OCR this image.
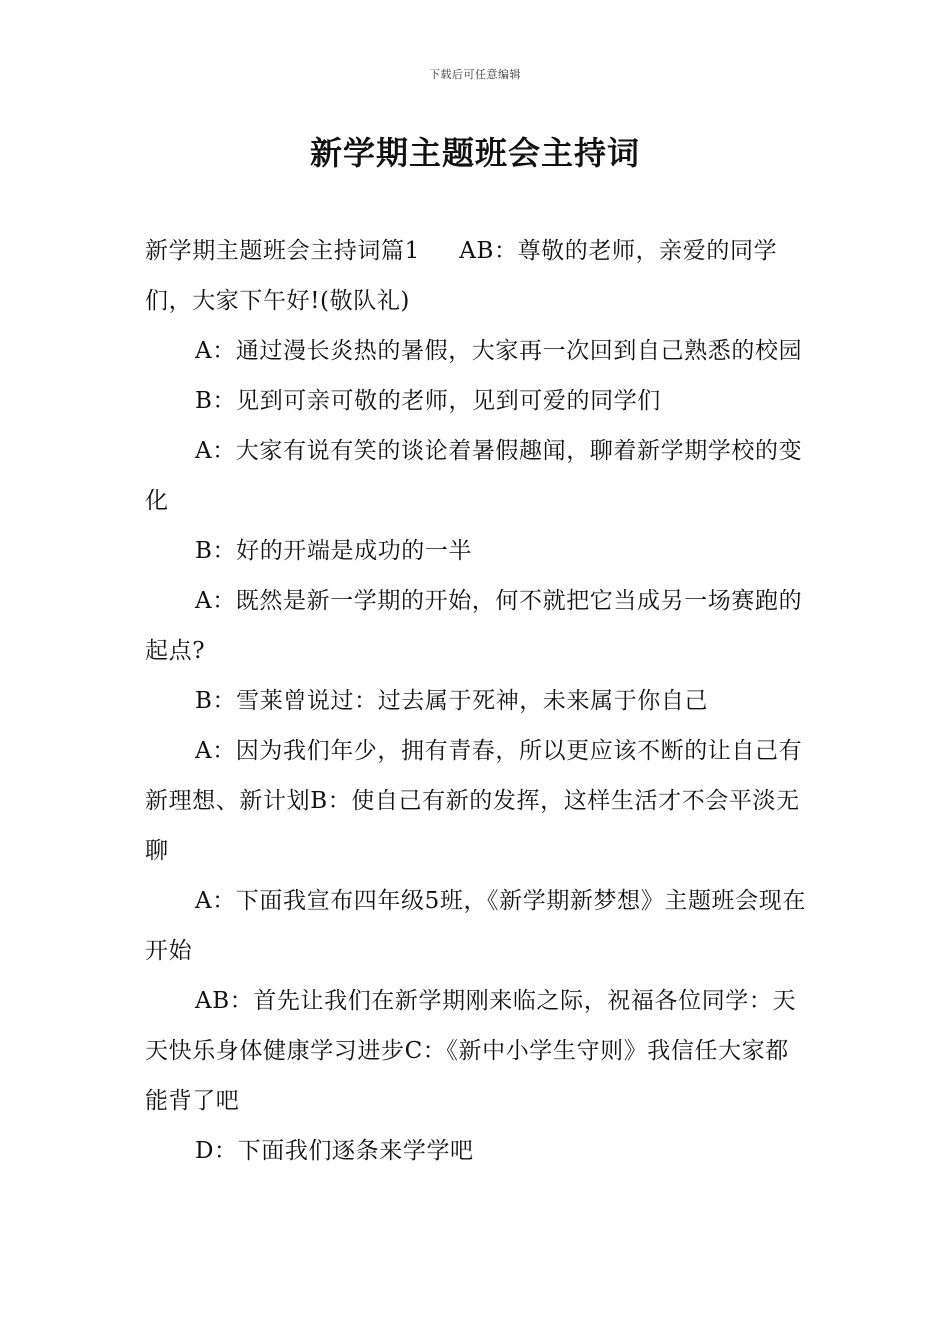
下载后可任意编辑
新学期主题班会主持词

新学期主题班会主持词篇1 　 AB：尊敬的老师，亲爱的同学们，大家下午好!(敬队礼)

A：通过漫长炎热的暑假，大家再一次回到自己熟悉的校园

B：见到可亲可敬的老师，见到可爱的同学们

A：大家有说有笑的谈论着暑假趣闻，聊着新学期学校的变化

B：好的开端是成功的一半

A：既然是新一学期的开始，何不就把它当成另一场赛跑的起点?

B：雪莱曾说过：过去属于死神，未来属于你自己

A：因为我们年少，拥有青春，所以更应该不断的让自己有新理想、新计划B：使自己有新的发挥，这样生活才不会平淡无聊

A：下面我宣布四年级5班，《新学期新梦想》主题班会现在开始

AB：首先让我们在新学期刚来临之际，祝福各位同学：天天快乐身体健康学习进步C：《新中小学生守则》我信任大家都能背了吧

D：下面我们逐条来学学吧
